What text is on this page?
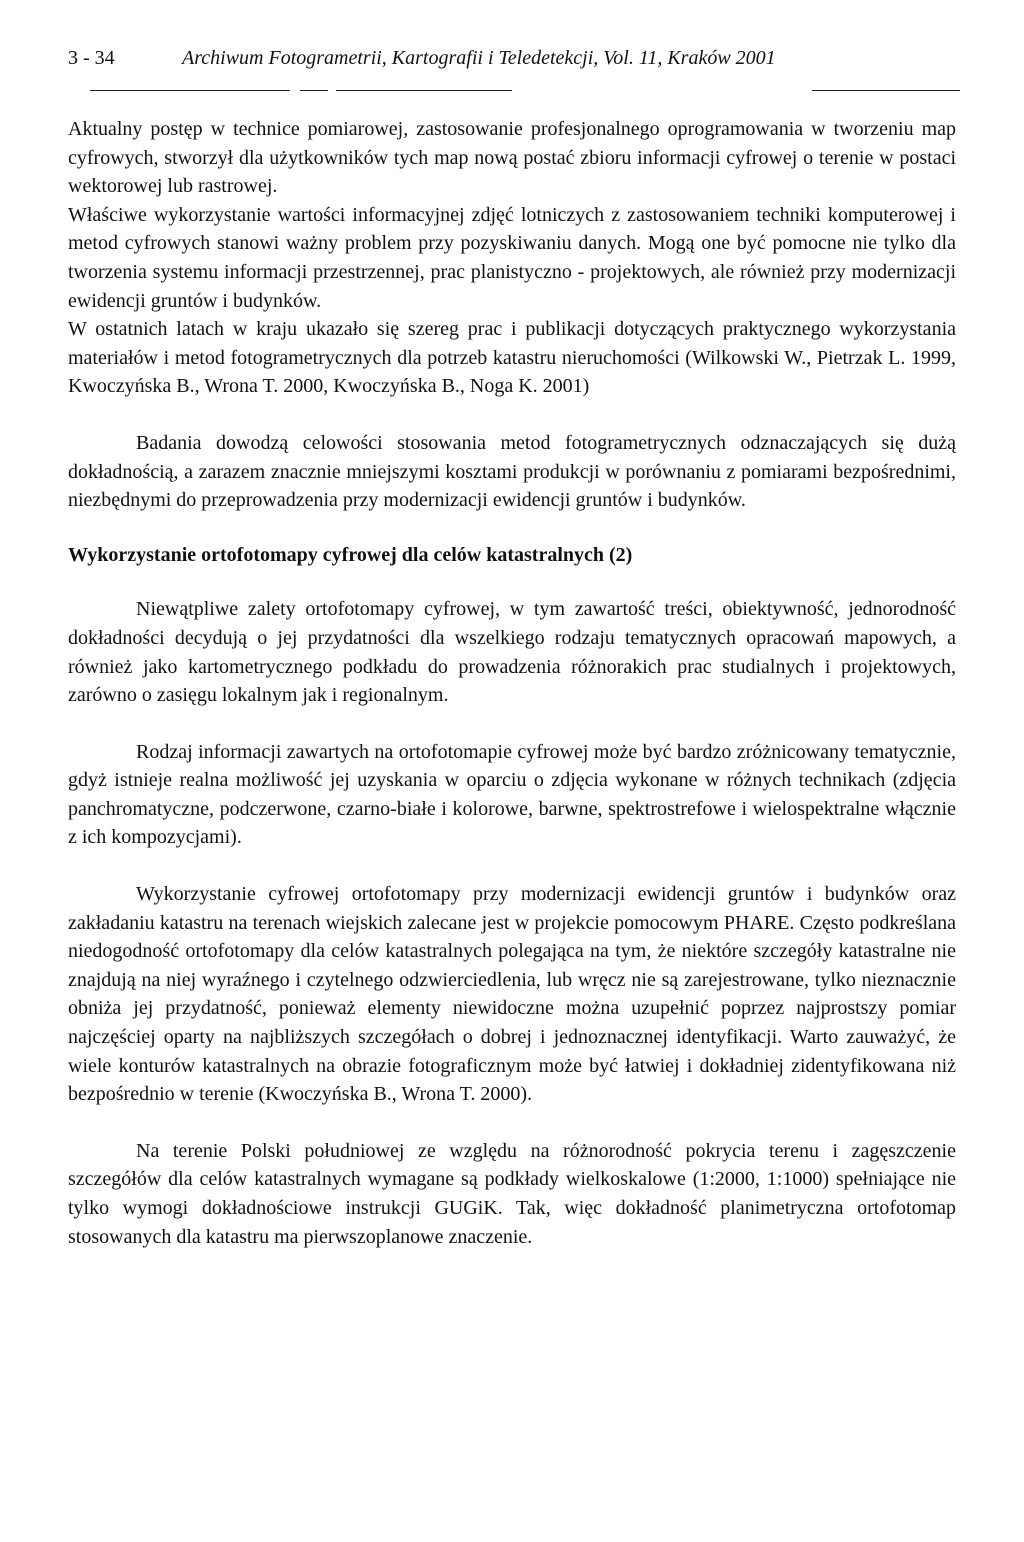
3 - 34	Archiwum Fotogrametrii, Kartografii i Teledetekcji, Vol. 11, Kraków 2001

Aktualny postęp w technice pomiarowej, zastosowanie profesjonalnego oprogramowania w tworzeniu map cyfrowych, stworzył dla użytkowników tych map nową postać zbioru informacji cyfrowej o terenie w postaci wektorowej lub rastrowej.

Właściwe wykorzystanie wartości informacyjnej zdjęć lotniczych z zastosowaniem techniki komputerowej i metod cyfrowych stanowi ważny problem przy pozyskiwaniu danych. Mogą one być pomocne nie tylko dla tworzenia systemu informacji przestrzennej, prac planistyczno - projektowych, ale również przy modernizacji ewidencji gruntów i budynków.

W ostatnich latach w kraju ukazało się szereg prac i publikacji dotyczących praktycznego wykorzystania materiałów i metod fotogrametrycznych dla potrzeb katastru nieruchomości (Wilkowski W., Pietrzak L. 1999, Kwoczyńska B., Wrona T. 2000, Kwoczyńska B., Noga K. 2001)

Badania dowodzą celowości stosowania metod fotogrametrycznych odznaczających się dużą dokładnością, a zarazem znacznie mniejszymi kosztami produkcji w porównaniu z pomiarami bezpośrednimi, niezbędnymi do przeprowadzenia przy modernizacji ewidencji gruntów i budynków.

Wykorzystanie ortofotomapy cyfrowej dla celów katastralnych (2)

Niewątpliwe zalety ortofotomapy cyfrowej, w tym zawartość treści, obiektywność, jednorodność dokładności decydują o jej przydatności dla wszelkiego rodzaju tematycznych opracowań mapowych, a również jako kartometrycznego podkładu do prowadzenia różnorakich prac studialnych i projektowych, zarówno o zasięgu lokalnym jak i regionalnym.

Rodzaj informacji zawartych na ortofotomapie cyfrowej może być bardzo zróżnicowany tematycznie, gdyż istnieje realna możliwość jej uzyskania w oparciu o zdjęcia wykonane w różnych technikach (zdjęcia panchromatyczne, podczerwone, czarno-białe i kolorowe, barwne, spektrostrefowe i wielospektralne włącznie z ich kompozycjami).

Wykorzystanie cyfrowej ortofotomapy przy modernizacji ewidencji gruntów i budynków oraz zakładaniu katastru na terenach wiejskich zalecane jest w projekcie pomocowym PHARE. Często podkreślana niedogodność ortofotomapy dla celów katastralnych polegająca na tym, że niektóre szczegóły katastralne nie znajdują na niej wyraźnego i czytelnego odzwierciedlenia, lub wręcz nie są zarejestrowane, tylko nieznacznie obniża jej przydatność, ponieważ elementy niewidoczne można uzupełnić poprzez najprostszy pomiar najczęściej oparty na najbliższych szczegółach o dobrej i jednoznacznej identyfikacji. Warto zauważyć, że wiele konturów katastralnych na obrazie fotograficznym może być łatwiej i dokładniej zidentyfikowana niż bezpośrednio w terenie (Kwoczyńska B., Wrona T. 2000).

Na terenie Polski południowej ze względu na różnorodność pokrycia terenu i zagęszczenie szczegółów dla celów katastralnych wymagane są podkłady wielkoskalowe (1:2000, 1:1000) spełniające nie tylko wymogi dokładnościowe instrukcji GUGiK. Tak, więc dokładność planimetryczna ortofotomap stosowanych dla katastru ma pierwszoplanowe znaczenie.
